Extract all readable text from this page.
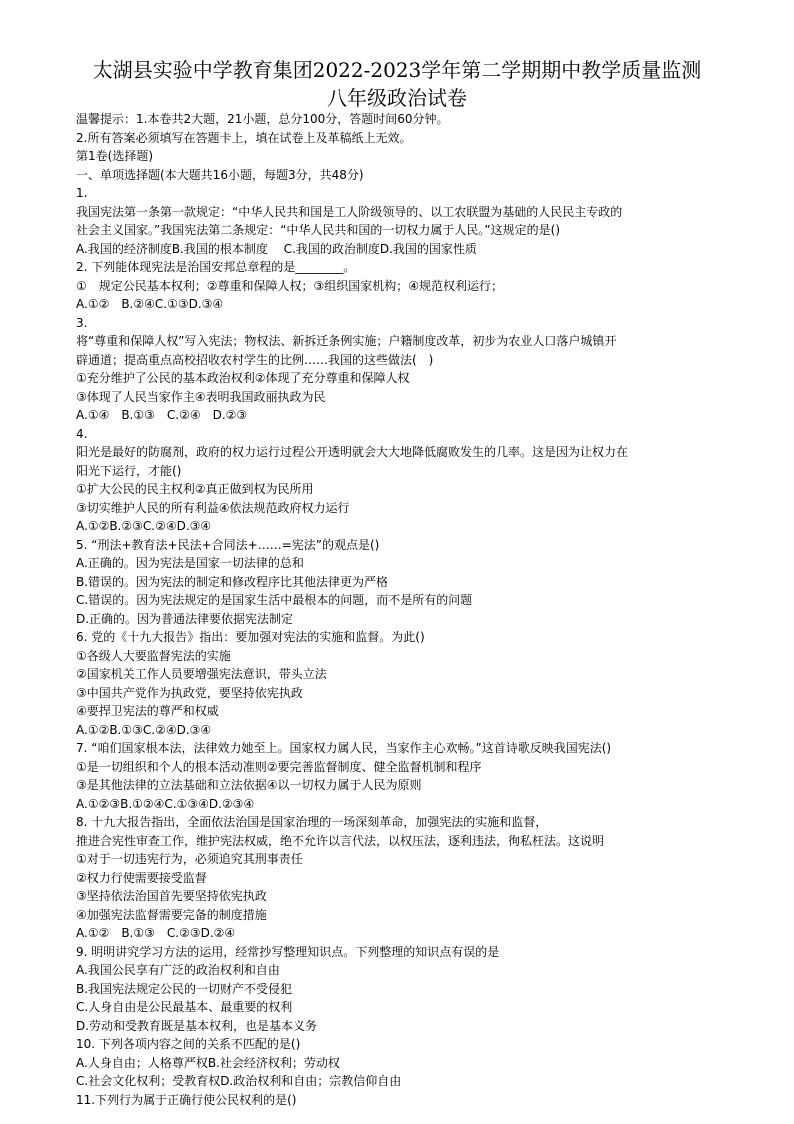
太湖县实验中学教育集团2022-2023学年第二学期期中教学质量监测
八年级政治试卷
温馨提示：1.本卷共2大题，21小题，总分100分，答题时间60分钟。
2.所有答案必须填写在答题卡上，填在试卷上及革稿纸上无效。
第1卷(选择题)
一、单项选择题(本大题共16小题，每题3分，共48分)
1.
我国宪法第一条第一款规定：“中华人民共和国是工人阶级领导的、以工农联盟为基础的人民民主专政的
社会主义国家。”我国宪法第二条规定：“中华人民共和国的一切权力属于人民。”这规定的是()
A.我国的经济制度B.我国的根本制度　 C.我国的政治制度D.我国的国家性质
2. 下列能体现宪法是治国安邦总章程的是________。
①　规定公民基本权利；②尊重和保障人权；③组织国家机构；④规范权利运行；
A.①②　B.②④C.①③D.③④
3.
将“尊重和保障人权”写入宪法；物权法、新拆迁条例实施；户籍制度改革，初步为农业人口落户城镇开
辟通道；提高重点高校招收农村学生的比例……我国的这些做法(　)
①充分维护了公民的基本政治权利②体现了充分尊重和保障人权
③体现了人民当家作主④表明我国政丽执政为民
A.①④　B.①③　C.②④　D.②③
4.
阳光是最好的防腐剂，政府的权力运行过程公开透明就会大大地降低腐败发生的几率。这是因为让权力在
阳光下运行，才能()
①扩大公民的民主权利②真正做到权为民所用
③切实维护人民的所有利益④依法规范政府权力运行
A.①②B.②③C.②④D.③④
5. “刑法+教育法+民法+合同法+……=宪法”的观点是()
A.正确的。因为宪法是国家一切法律的总和
B.错误的。因为宪法的制定和修改程序比其他法律更为严格
C.错误的。因为宪法规定的是国家生活中最根本的问题，而不是所有的问题
D.正确的。因为普通法律要依据宪法制定
6. 党的《十九大报告》指出：要加强对宪法的实施和监督。为此()
①各级人大要监督宪法的实施
②国家机关工作人员要增强宪法意识，带头立法
③中国共产党作为执政党，要坚持依宪执政
④要捍卫宪法的尊严和权威
A.①②B.①③C.②④D.③④
7. “咱们国家根本法，法律效力她至上。国家权力属人民，当家作主心欢畅。”这首诗歌反映我国宪法()
①是一切组织和个人的根本活动准则②要完善监督制度、健全监督机制和程序
③是其他法律的立法基础和立法依据④以一切权力属于人民为原则
A.①②③B.①②④C.①③④D.②③④
8. 十九大报告指出，全面依法治国是国家治理的一场深刻革命，加强宪法的实施和监督，
推进合宪性审查工作，维护宪法权威，绝不允许以言代法，以权压法，逐利违法，徇私枉法。这说明
①对于一切违宪行为，必须追究其刑事责任
②权力行使需要接受监督
③坚持依法治国首先要坚持依宪执政
④加强宪法监督需要完备的制度措施
A.①②　B.①③　C.②③D.②④
9. 明明讲究学习方法的运用，经常抄写整理知识点。下列整理的知识点有误的是
A.我国公民享有广泛的政治权利和自由
B.我国宪法规定公民的一切财产不受侵犯
C.人身自由是公民最基本、最重要的权利
D.劳动和受教育既是基本权利，也是基本义务
10. 下列各项内容之间的关系不匹配的是()
A.人身自由；人格尊严权B.社会经济权利；劳动权
C.社会文化权利；受教育权D.政治权利和自由；宗教信仰自由
11.下列行为属于正确行使公民权利的是()
